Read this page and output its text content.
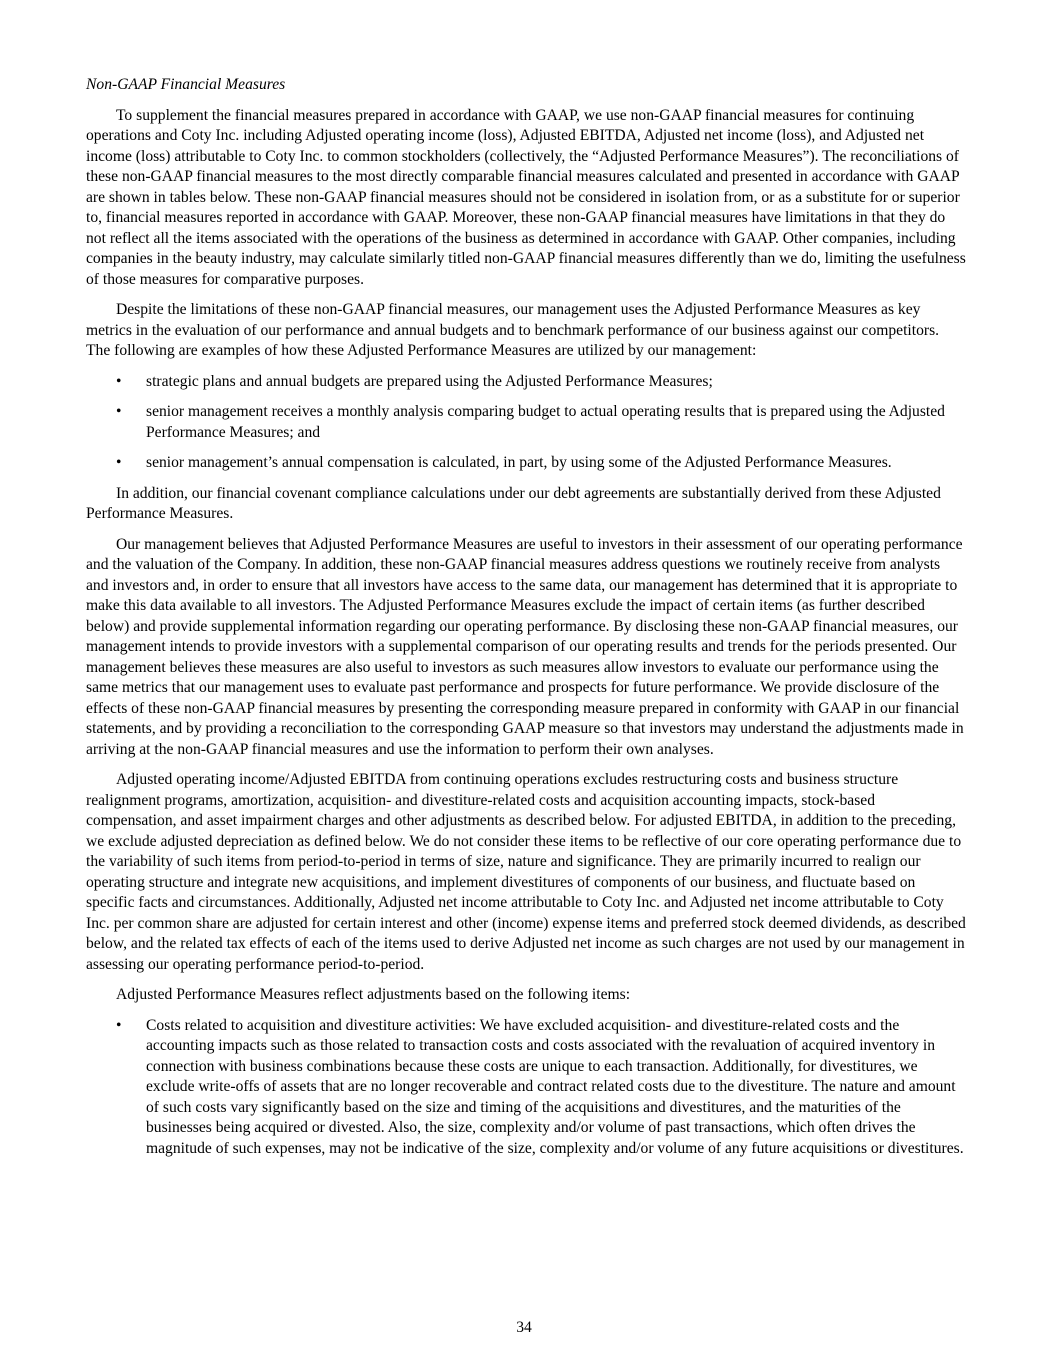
Non-GAAP Financial Measures

To supplement the financial measures prepared in accordance with GAAP, we use non-GAAP financial measures for continuing operations and Coty Inc. including Adjusted operating income (loss), Adjusted EBITDA, Adjusted net income (loss), and Adjusted net income (loss) attributable to Coty Inc. to common stockholders (collectively, the “Adjusted Performance Measures”). The reconciliations of these non-GAAP financial measures to the most directly comparable financial measures calculated and presented in accordance with GAAP are shown in tables below. These non-GAAP financial measures should not be considered in isolation from, or as a substitute for or superior to, financial measures reported in accordance with GAAP. Moreover, these non-GAAP financial measures have limitations in that they do not reflect all the items associated with the operations of the business as determined in accordance with GAAP. Other companies, including companies in the beauty industry, may calculate similarly titled non-GAAP financial measures differently than we do, limiting the usefulness of those measures for comparative purposes.

Despite the limitations of these non-GAAP financial measures, our management uses the Adjusted Performance Measures as key metrics in the evaluation of our performance and annual budgets and to benchmark performance of our business against our competitors. The following are examples of how these Adjusted Performance Measures are utilized by our management:

• strategic plans and annual budgets are prepared using the Adjusted Performance Measures;
• senior management receives a monthly analysis comparing budget to actual operating results that is prepared using the Adjusted Performance Measures; and
• senior management’s annual compensation is calculated, in part, by using some of the Adjusted Performance Measures.

In addition, our financial covenant compliance calculations under our debt agreements are substantially derived from these Adjusted Performance Measures.

Our management believes that Adjusted Performance Measures are useful to investors in their assessment of our operating performance and the valuation of the Company. In addition, these non-GAAP financial measures address questions we routinely receive from analysts and investors and, in order to ensure that all investors have access to the same data, our management has determined that it is appropriate to make this data available to all investors. The Adjusted Performance Measures exclude the impact of certain items (as further described below) and provide supplemental information regarding our operating performance. By disclosing these non-GAAP financial measures, our management intends to provide investors with a supplemental comparison of our operating results and trends for the periods presented. Our management believes these measures are also useful to investors as such measures allow investors to evaluate our performance using the same metrics that our management uses to evaluate past performance and prospects for future performance. We provide disclosure of the effects of these non-GAAP financial measures by presenting the corresponding measure prepared in conformity with GAAP in our financial statements, and by providing a reconciliation to the corresponding GAAP measure so that investors may understand the adjustments made in arriving at the non-GAAP financial measures and use the information to perform their own analyses.

Adjusted operating income/Adjusted EBITDA from continuing operations excludes restructuring costs and business structure realignment programs, amortization, acquisition- and divestiture-related costs and acquisition accounting impacts, stock-based compensation, and asset impairment charges and other adjustments as described below. For adjusted EBITDA, in addition to the preceding, we exclude adjusted depreciation as defined below. We do not consider these items to be reflective of our core operating performance due to the variability of such items from period-to-period in terms of size, nature and significance. They are primarily incurred to realign our operating structure and integrate new acquisitions, and implement divestitures of components of our business, and fluctuate based on specific facts and circumstances. Additionally, Adjusted net income attributable to Coty Inc. and Adjusted net income attributable to Coty Inc. per common share are adjusted for certain interest and other (income) expense items and preferred stock deemed dividends, as described below, and the related tax effects of each of the items used to derive Adjusted net income as such charges are not used by our management in assessing our operating performance period-to-period.

Adjusted Performance Measures reflect adjustments based on the following items:

• Costs related to acquisition and divestiture activities: We have excluded acquisition- and divestiture-related costs and the accounting impacts such as those related to transaction costs and costs associated with the revaluation of acquired inventory in connection with business combinations because these costs are unique to each transaction. Additionally, for divestitures, we exclude write-offs of assets that are no longer recoverable and contract related costs due to the divestiture. The nature and amount of such costs vary significantly based on the size and timing of the acquisitions and divestitures, and the maturities of the businesses being acquired or divested. Also, the size, complexity and/or volume of past transactions, which often drives the magnitude of such expenses, may not be indicative of the size, complexity and/or volume of any future acquisitions or divestitures.
34
